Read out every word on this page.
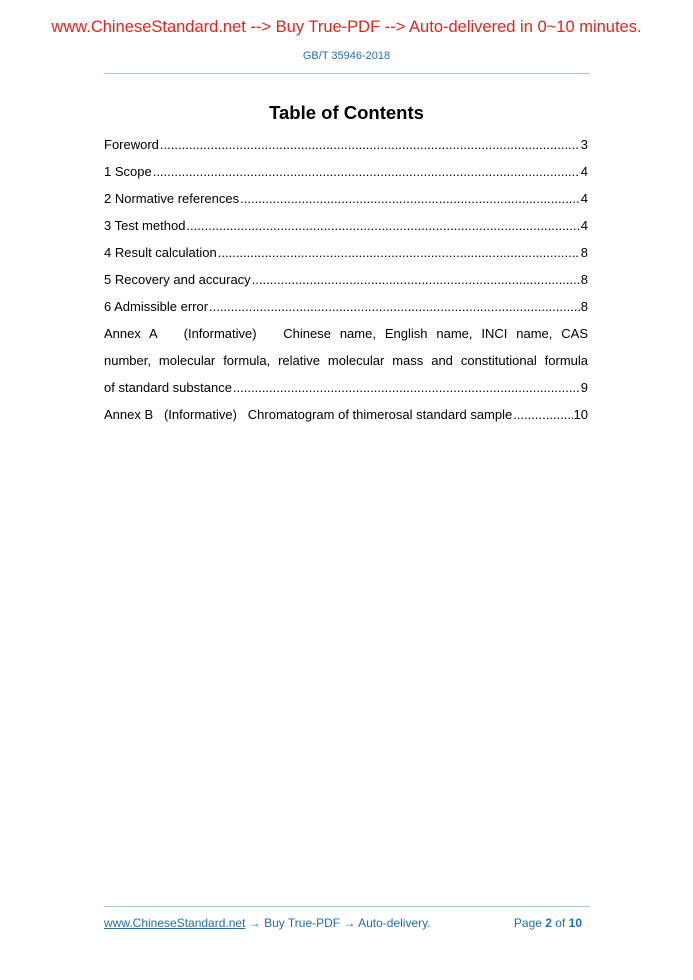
www.ChineseStandard.net --> Buy True-PDF --> Auto-delivered in 0~10 minutes.
GB/T 35946-2018
Table of Contents
Foreword .....	3
1 Scope .....	4
2 Normative references .....	4
3 Test method .....	4
4 Result calculation .....	8
5 Recovery and accuracy .....	8
6 Admissible error .....	8
Annex A   (Informative)   Chinese name, English name, INCI name, CAS
number, molecular formula, relative molecular mass and constitutional formula
of standard substance .....	9
Annex B   (Informative)   Chromatogram of thimerosal standard sample .....	10
www.ChineseStandard.net → Buy True-PDF → Auto-delivery.	Page 2 of 10
